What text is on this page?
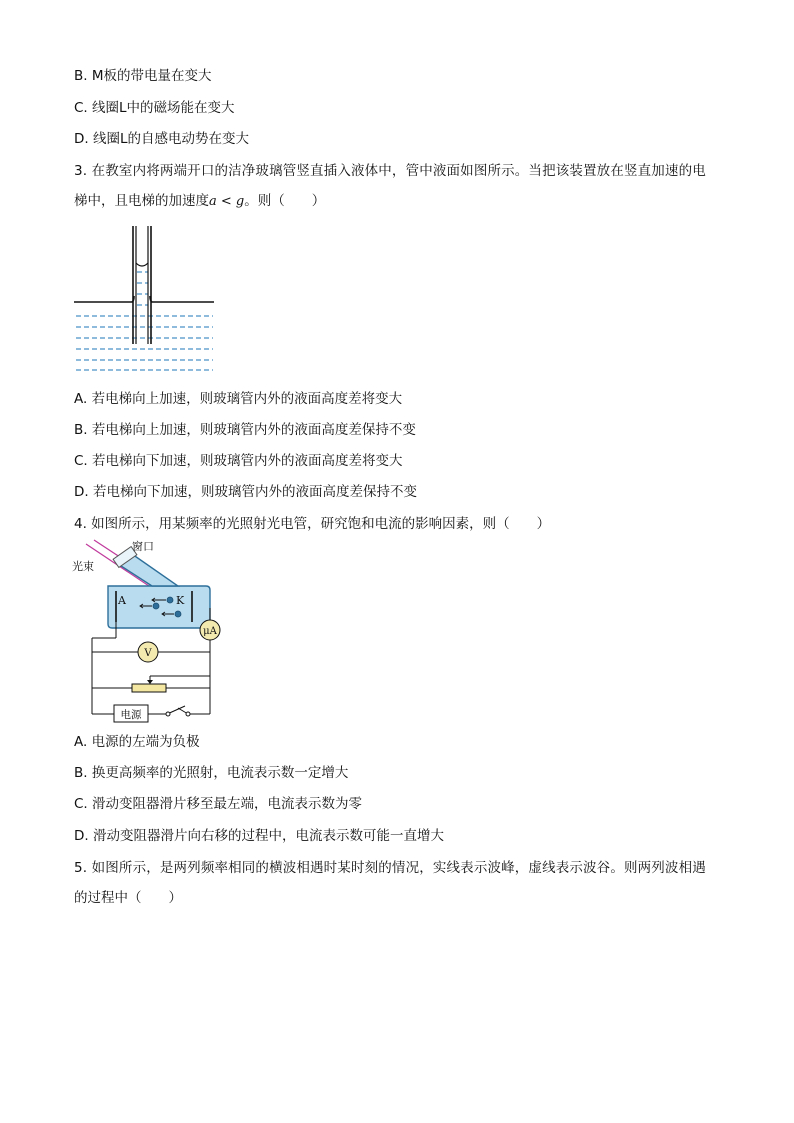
B. M板的带电量在变大

C. 线圈L中的磁场能在变大

D. 线圈L的自感电动势在变大

3. 在教室内将两端开口的洁净玻璃管竖直插入液体中，管中液面如图所示。当把该装置放在竖直加速的电

梯中，且电梯的加速度a < g。则（　　）

A. 若电梯向上加速，则玻璃管内外的液面高度差将变大

B. 若电梯向上加速，则玻璃管内外的液面高度差保持不变

C. 若电梯向下加速，则玻璃管内外的液面高度差将变大

D. 若电梯向下加速，则玻璃管内外的液面高度差保持不变

4. 如图所示，用某频率的光照射光电管，研究饱和电流的影响因素，则（　　）

A	K
窗口
光束
μA
V
电源

A. 电源的左端为负极

B. 换更高频率的光照射，电流表示数一定增大

C. 滑动变阻器滑片移至最左端，电流表示数为零

D. 滑动变阻器滑片向右移的过程中，电流表示数可能一直增大

5. 如图所示，是两列频率相同的横波相遇时某时刻的情况，实线表示波峰，虚线表示波谷。则两列波相遇

的过程中（　　）
